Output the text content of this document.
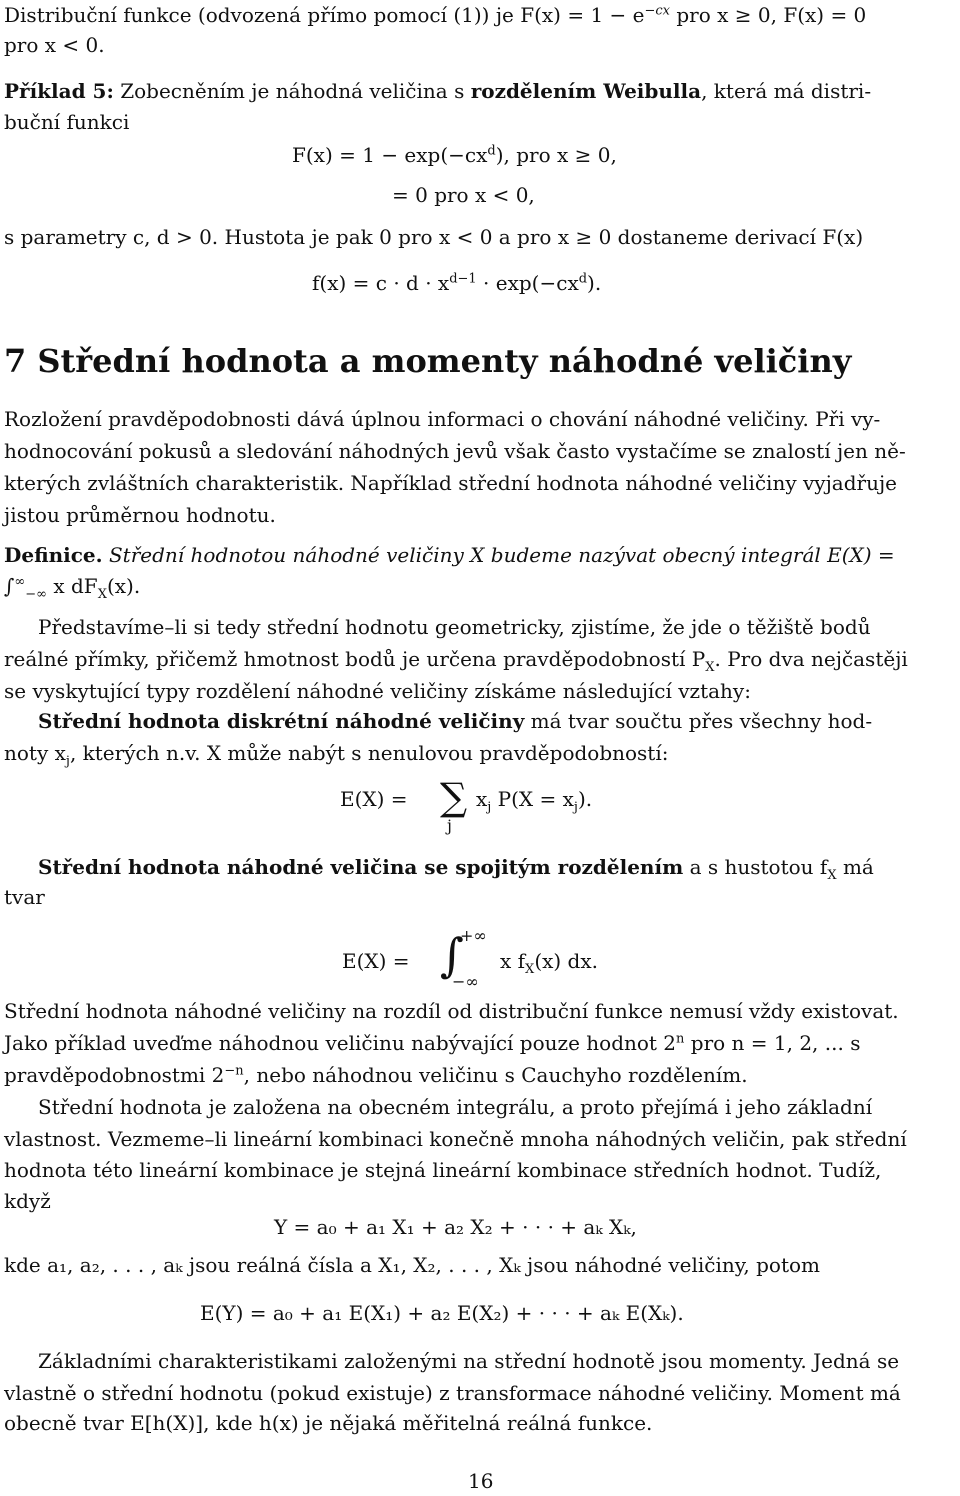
Distribuční funkce (odvozená přímo pomocí (1)) je $F(x) = 1 - e^{-cx}$ pro x ≥ 0, F(x) = 0

pro x < 0.

Příklad 5: Zobecněním je náhodná veličina s rozdělením Weibulla, která má distri-

buční funkci

$F(x) = 1 - \exp(-cx^d)$, pro x ≥ 0,
= 0 pro x < 0,

s parametry c, d > 0. Hustota je pak 0 pro x < 0 a pro x ≥ 0 dostaneme derivací F(x)

$f(x) = c \cdot d \cdot x^{d-1} \cdot \exp(-cx^d)$.
7 Střední hodnota a momenty náhodné veličiny

Rozložení pravděpodobnosti dává úplnou informaci o chování náhodné veličiny. Při vy-

hodnocování pokusů a sledování náhodných jevů však často vystačíme se znalostí jen ně-

kterých zvláštních charakteristik. Například střední hodnota náhodné veličiny vyjadřuje

jistou průměrnou hodnotu.

Definice. Střední hodnotou náhodné veličiny X budeme nazývat obecný integrál E(X) =

$\int^\infty_{-\infty}$ x $dF_X(x)$.

Představíme–li si tedy střední hodnotu geometricky, zjistíme, že jde o těžiště bodů

reálné přímky, přičemž hmotnost bodů je určena pravděpodobností $P_X$. Pro dva nejčastěji

se vyskytující typy rozdělení náhodné veličiny získáme následující vztahy:

Střední hodnota diskrétní náhodné veličiny má tvar součtu přes všechny hod-

noty $x_j$, kterých n.v. X může nabýt s nenulovou pravděpodobností:

E(X) = ∑
j
$x_j$ $P(X = x_j)$.

Střední hodnota náhodné veličina se spojitým rozdělením a s hustotou $f_X$ má

tvar

E(X) = ∫
+∞
−∞
x $f_X(x)$ dx.

Střední hodnota náhodné veličiny na rozdíl od distribuční funkce nemusí vždy existovat.

Jako příklad uveďme náhodnou veličinu nabývající pouze hodnot 2$^n$ pro n = 1, 2, ... s

pravděpodobnostmi $2^{-n}$, nebo náhodnou veličinu s Cauchyho rozdělením.

Střední hodnota je založena na obecném integrálu, a proto přejímá i jeho základní

vlastnost. Vezmeme–li lineární kombinaci konečně mnoha náhodných veličin, pak střední

hodnota této lineární kombinace je stejná lineární kombinace středních hodnot. Tudíž,

když

Y = a₀ + a₁ X₁ + a₂ X₂ + · · · + aₖ Xₖ,

kde a₁, a₂, . . . , aₖ jsou reálná čísla a X₁, X₂, . . . , Xₖ jsou náhodné veličiny, potom

E(Y) = a₀ + a₁ E(X₁) + a₂ E(X₂) + · · · + aₖ E(Xₖ).

Základními charakteristikami založenými na střední hodnotě jsou momenty. Jedná se

vlastně o střední hodnotu (pokud existuje) z transformace náhodné veličiny. Moment má

obecně tvar E[h(X)], kde h(x) je nějaká měřitelná reálná funkce.

16
